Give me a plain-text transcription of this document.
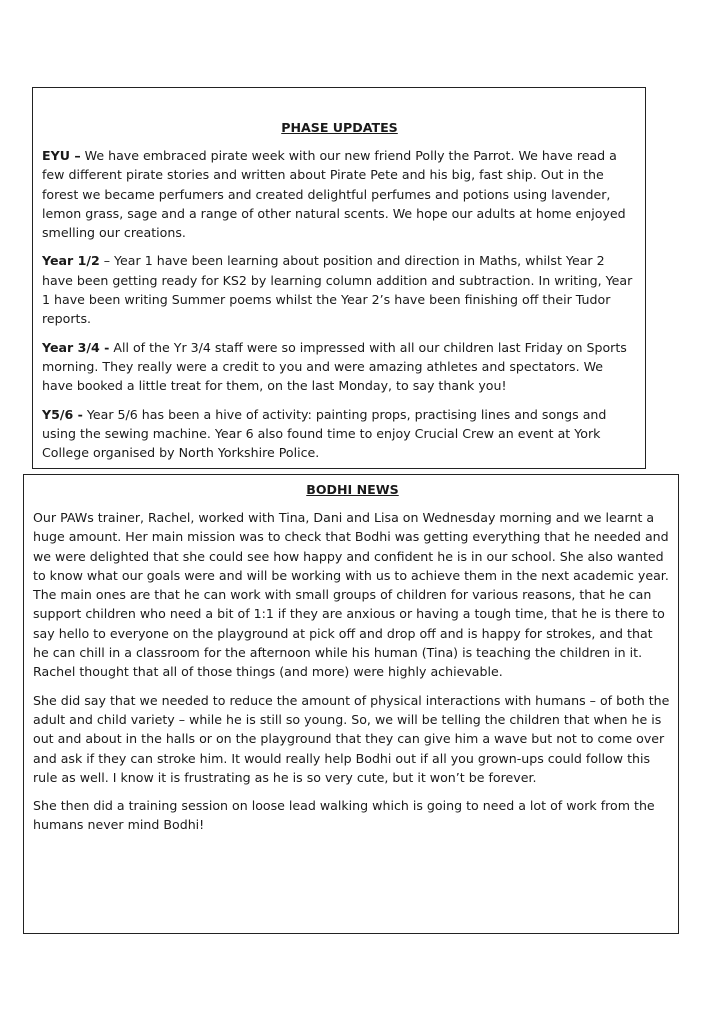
PHASE UPDATES

EYU – We have embraced pirate week with our new friend Polly the Parrot. We have read a few different pirate stories and written about Pirate Pete and his big, fast ship. Out in the forest we became perfumers and created delightful perfumes and potions using lavender, lemon grass, sage and a range of other natural scents. We hope our adults at home enjoyed smelling our creations.

Year 1/2 – Year 1 have been learning about position and direction in Maths, whilst Year 2 have been getting ready for KS2 by learning column addition and subtraction. In writing, Year 1 have been writing Summer poems whilst the Year 2’s have been finishing off their Tudor reports.

Year 3/4 - All of the Yr 3/4 staff were so impressed with all our children last Friday on Sports morning. They really were a credit to you and were amazing athletes and spectators. We have booked a little treat for them, on the last Monday, to say thank you!

Y5/6 - Year 5/6 has been a hive of activity: painting props, practising lines and songs and using the sewing machine. Year 6 also found time to enjoy Crucial Crew an event at York College organised by North Yorkshire Police.

BODHI NEWS

Our PAWs trainer, Rachel, worked with Tina, Dani and Lisa on Wednesday morning and we learnt a huge amount. Her main mission was to check that Bodhi was getting everything that he needed and we were delighted that she could see how happy and confident he is in our school. She also wanted to know what our goals were and will be working with us to achieve them in the next academic year. The main ones are that he can work with small groups of children for various reasons, that he can support children who need a bit of 1:1 if they are anxious or having a tough time, that he is there to say hello to everyone on the playground at pick off and drop off and is happy for strokes, and that he can chill in a classroom for the afternoon while his human (Tina) is teaching the children in it. Rachel thought that all of those things (and more) were highly achievable.

She did say that we needed to reduce the amount of physical interactions with humans – of both the adult and child variety – while he is still so young. So, we will be telling the children that when he is out and about in the halls or on the playground that they can give him a wave but not to come over and ask if they can stroke him. It would really help Bodhi out if all you grown-ups could follow this rule as well. I know it is frustrating as he is so very cute, but it won’t be forever.

She then did a training session on loose lead walking which is going to need a lot of work from the humans never mind Bodhi!
